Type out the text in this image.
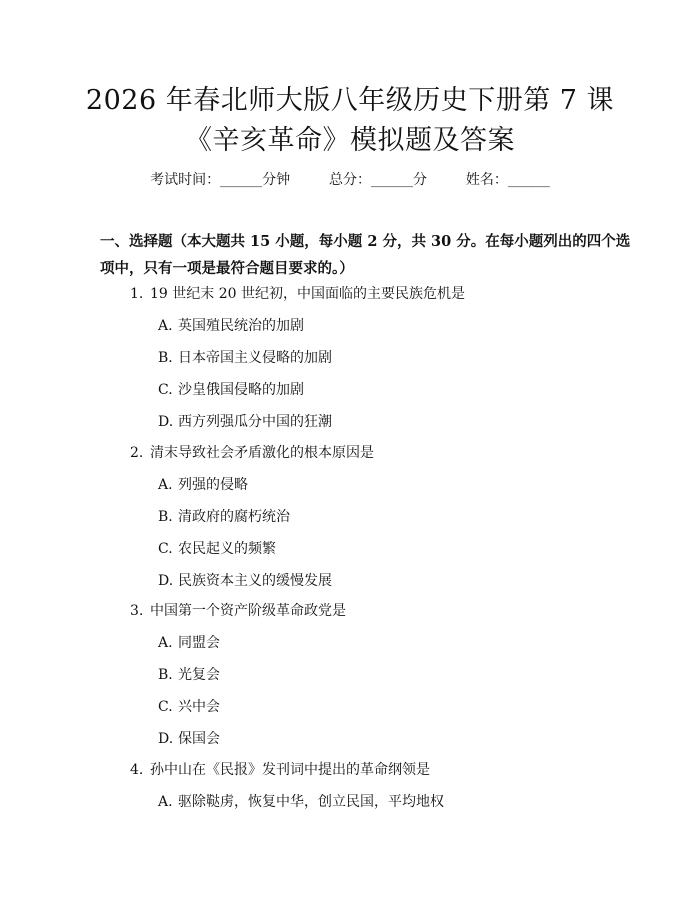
2026 年春北师大版八年级历史下册第 7 课
《辛亥革命》模拟题及答案
考试时间：______分钟	总分：______分	姓名：______
一、选择题（本大题共 15 小题，每小题 2 分，共 30 分。在每小题列出的四个选
项中，只有一项是最符合题目要求的。）
1. 19 世纪末 20 世纪初，中国面临的主要民族危机是
A. 英国殖民统治的加剧
B. 日本帝国主义侵略的加剧
C. 沙皇俄国侵略的加剧
D. 西方列强瓜分中国的狂潮
2. 清末导致社会矛盾激化的根本原因是
A. 列强的侵略
B. 清政府的腐朽统治
C. 农民起义的频繁
D. 民族资本主义的缓慢发展
3. 中国第一个资产阶级革命政党是
A. 同盟会
B. 光复会
C. 兴中会
D. 保国会
4. 孙中山在《民报》发刊词中提出的革命纲领是
A. 驱除鞑虏，恢复中华，创立民国，平均地权
